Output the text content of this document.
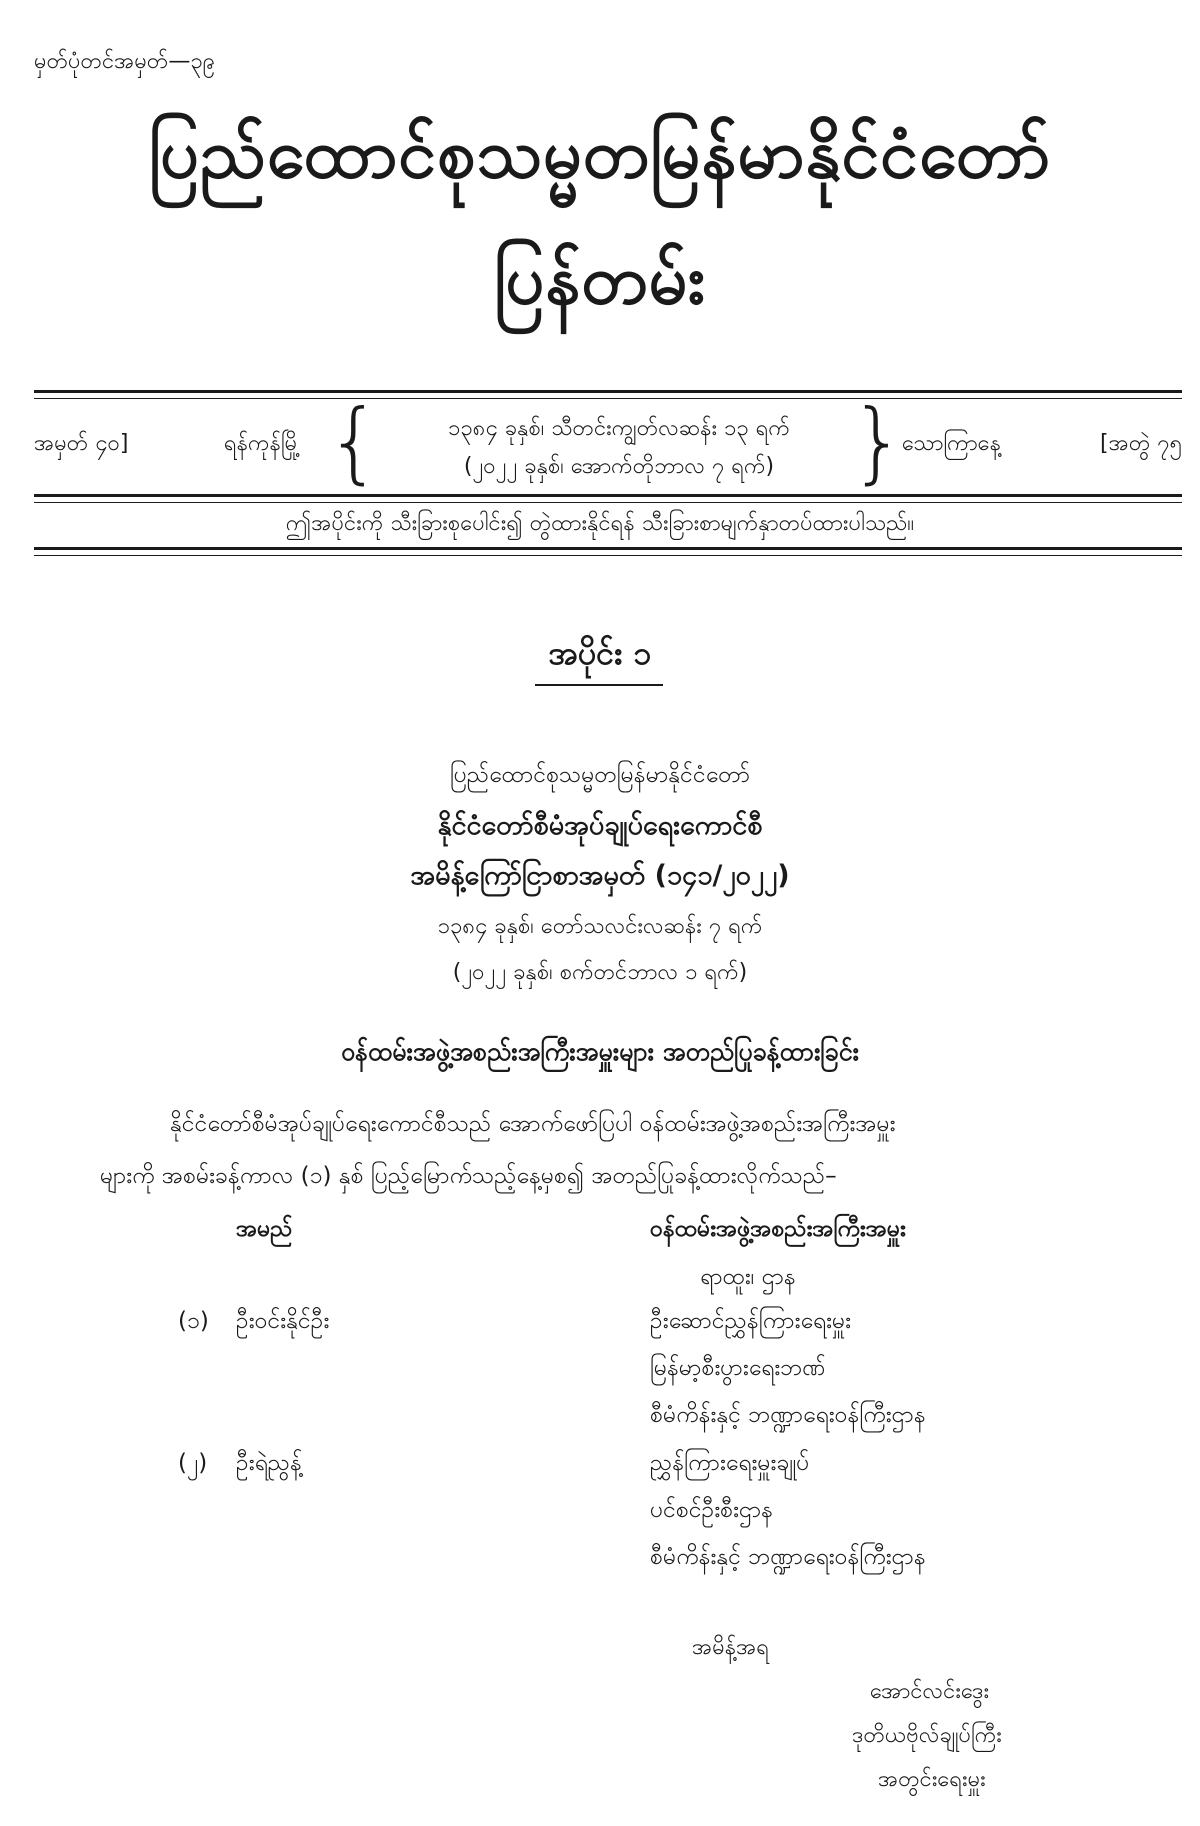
မှတ်ပုံတင်အမှတ်—၃၉
ပြည်ထောင်စုသမ္မတမြန်မာနိုင်ငံတော်
ပြန်တမ်း
အမှတ် ၄၀]	ရန်ကုန်မြို့ {	၁၃၈၄ ခုနှစ်၊ သီတင်းကျွတ်လဆန်း ၁၃ ရက်
(၂၀၂၂ ခုနှစ်၊ အောက်တိုဘာလ ၇ ရက်) }
သောကြာနေ့	[အတွဲ ၇၅
ဤအပိုင်းကို သီးခြားစုပေါင်း၍ တွဲထားနိုင်ရန် သီးခြားစာမျက်နှာတပ်ထားပါသည်။
အပိုင်း ၁
ပြည်ထောင်စုသမ္မတမြန်မာနိုင်ငံတော်
နိုင်ငံတော်စီမံအုပ်ချုပ်ရေးကောင်စီ
အမိန့်ကြော်ငြာစာအမှတ် (၁၄၁/၂၀၂၂)
၁၃၈၄ ခုနှစ်၊ တော်သလင်းလဆန်း ၇ ရက်
(၂၀၂၂ ခုနှစ်၊ စက်တင်ဘာလ ၁ ရက်)
ဝန်ထမ်းအဖွဲ့အစည်းအကြီးအမှူးများ အတည်ပြုခန့်ထားခြင်း
နိုင်ငံတော်စီမံအုပ်ချုပ်ရေးကောင်စီသည် အောက်ဖော်ပြပါ ဝန်ထမ်းအဖွဲ့အစည်းအကြီးအမှူး
များကို အစမ်းခန့်ကာလ (၁) နှစ် ပြည့်မြောက်သည့်နေ့မှစ၍ အတည်ပြုခန့်ထားလိုက်သည်–
အမည်	ဝန်ထမ်းအဖွဲ့အစည်းအကြီးအမှူး
ရာထူး၊ ဌာန
(၁) ဦးဝင်းနိုင်ဦး	ဦးဆောင်ညွှန်ကြားရေးမှူး
မြန်မာ့စီးပွားရေးဘဏ်
စီမံကိန်းနှင့် ဘဏ္ဍာရေးဝန်ကြီးဌာန
(၂) ဦးရဲညွန့်	ညွှန်ကြားရေးမှူးချုပ်
ပင်စင်ဦးစီးဌာန
စီမံကိန်းနှင့် ဘဏ္ဍာရေးဝန်ကြီးဌာန
အမိန့်အရ
အောင်လင်းဒွေး
ဒုတိယဗိုလ်ချုပ်ကြီး
အတွင်းရေးမှူး
